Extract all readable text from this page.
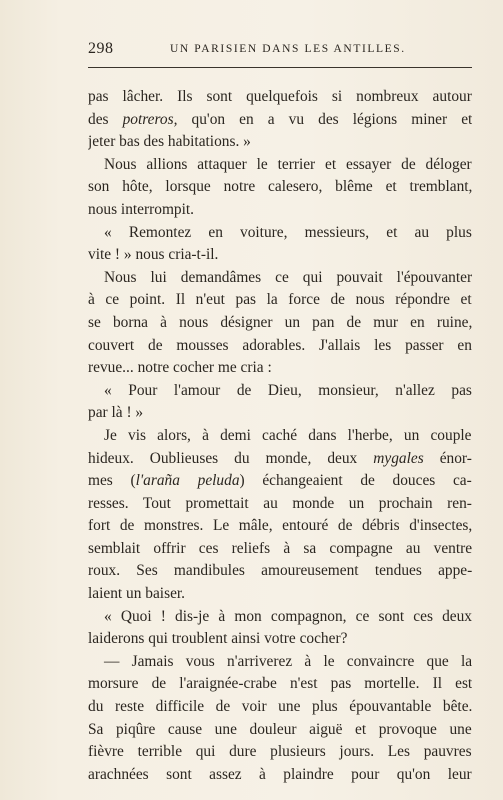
298	UN PARISIEN DANS LES ANTILLES.
pas lâcher. Ils sont quelquefois si nombreux autour
des potreros, qu'on en a vu des légions miner et
jeter bas des habitations. »
Nous allions attaquer le terrier et essayer de déloger
son hôte, lorsque notre calesero, blême et tremblant,
nous interrompit.
« Remontez en voiture, messieurs, et au plus
vite ! » nous cria-t-il.
Nous lui demandâmes ce qui pouvait l'épouvanter
à ce point. Il n'eut pas la force de nous répondre et
se borna à nous désigner un pan de mur en ruine,
couvert de mousses adorables. J'allais les passer en
revue... notre cocher me cria :
« Pour l'amour de Dieu, monsieur, n'allez pas
par là ! »
Je vis alors, à demi caché dans l'herbe, un couple
hideux. Oublieuses du monde, deux mygales énor-
mes (l'araña peluda) échangeaient de douces ca-
resses. Tout promettait au monde un prochain ren-
fort de monstres. Le mâle, entouré de débris d'insectes,
semblait offrir ces reliefs à sa compagne au ventre
roux. Ses mandibules amoureusement tendues appe-
laient un baiser.
« Quoi ! dis-je à mon compagnon, ce sont ces deux
laiderons qui troublent ainsi votre cocher?
— Jamais vous n'arriverez à le convaincre que la
morsure de l'araignée-crabe n'est pas mortelle. Il est
du reste difficile de voir une plus épouvantable bête.
Sa piqûre cause une douleur aiguë et provoque une
fièvre terrible qui dure plusieurs jours. Les pauvres
arachnées sont assez à plaindre pour qu'on leur
